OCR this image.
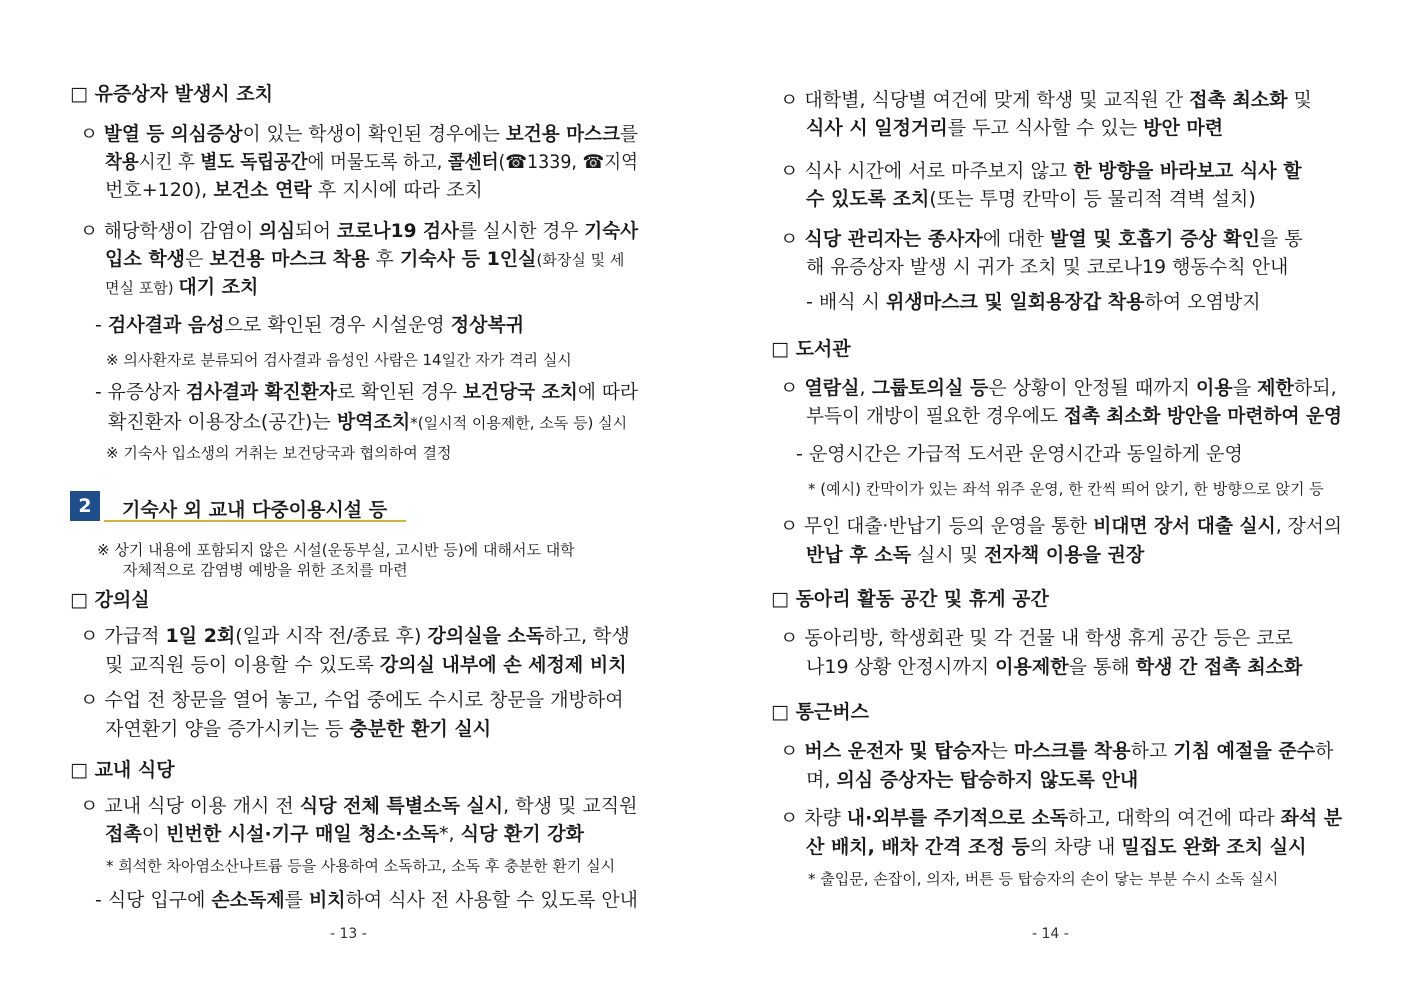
□ 유증상자 발생시 조치
ㅇ 발열 등 의심증상이 있는 학생이 확인된 경우에는 보건용 마스크를
착용시킨 후 별도 독립공간에 머물도록 하고, 콜센터(☎1339, ☎지역
번호+120), 보건소 연락 후 지시에 따라 조치
ㅇ 해당학생이 감염이 의심되어 코로나19 검사를 실시한 경우 기숙사
입소 학생은 보건용 마스크 착용 후 기숙사 등 1인실(화장실 및 세
면실 포함) 대기 조치
- 검사결과 음성으로 확인된 경우 시설운영 정상복귀
※ 의사환자로 분류되어 검사결과 음성인 사람은 14일간 자가 격리 실시
- 유증상자 검사결과 확진환자로 확인된 경우 보건당국 조치에 따라
확진환자 이용장소(공간)는 방역조치*(일시적 이용제한, 소독 등) 실시
※ 기숙사 입소생의 거취는 보건당국과 협의하여 결정
2	기숙사 외 교내 다중이용시설 등
※ 상기 내용에 포함되지 않은 시설(운동부실, 고시반 등)에 대해서도 대학
자체적으로 감염병 예방을 위한 조치를 마련
□ 강의실
ㅇ 가급적 1일 2회(일과 시작 전/종료 후) 강의실을 소독하고, 학생
및 교직원 등이 이용할 수 있도록 강의실 내부에 손 세정제 비치
ㅇ 수업 전 창문을 열어 놓고, 수업 중에도 수시로 창문을 개방하여
자연환기 양을 증가시키는 등 충분한 환기 실시
□ 교내 식당
ㅇ 교내 식당 이용 개시 전 식당 전체 특별소독 실시, 학생 및 교직원
접촉이 빈번한 시설·기구 매일 청소·소독*, 식당 환기 강화
* 희석한 차아염소산나트륨 등을 사용하여 소독하고, 소독 후 충분한 환기 실시
- 식당 입구에 손소독제를 비치하여 식사 전 사용할 수 있도록 안내
- 13 -
ㅇ 대학별, 식당별 여건에 맞게 학생 및 교직원 간 접촉 최소화 및
식사 시 일정거리를 두고 식사할 수 있는 방안 마련
ㅇ 식사 시간에 서로 마주보지 않고 한 방향을 바라보고 식사 할
수 있도록 조치(또는 투명 칸막이 등 물리적 격벽 설치)
ㅇ 식당 관리자는 종사자에 대한 발열 및 호흡기 증상 확인을 통
해 유증상자 발생 시 귀가 조치 및 코로나19 행동수칙 안내
- 배식 시 위생마스크 및 일회용장갑 착용하여 오염방지
□ 도서관
ㅇ 열람실, 그룹토의실 등은 상황이 안정될 때까지 이용을 제한하되,
부득이 개방이 필요한 경우에도 접촉 최소화 방안을 마련하여 운영
- 운영시간은 가급적 도서관 운영시간과 동일하게 운영
* (예시) 칸막이가 있는 좌석 위주 운영, 한 칸씩 띄어 앉기, 한 방향으로 앉기 등
ㅇ 무인 대출·반납기 등의 운영을 통한 비대면 장서 대출 실시, 장서의
반납 후 소독 실시 및 전자책 이용을 권장
□ 동아리 활동 공간 및 휴게 공간
ㅇ 동아리방, 학생회관 및 각 건물 내 학생 휴게 공간 등은 코로
나19 상황 안정시까지 이용제한을 통해 학생 간 접촉 최소화
□ 통근버스
ㅇ 버스 운전자 및 탑승자는 마스크를 착용하고 기침 예절을 준수하
며, 의심 증상자는 탑승하지 않도록 안내
ㅇ 차량 내·외부를 주기적으로 소독하고, 대학의 여건에 따라 좌석 분
산 배치, 배차 간격 조정 등의 차량 내 밀집도 완화 조치 실시
* 출입문, 손잡이, 의자, 버튼 등 탑승자의 손이 닿는 부분 수시 소독 실시
- 14 -
